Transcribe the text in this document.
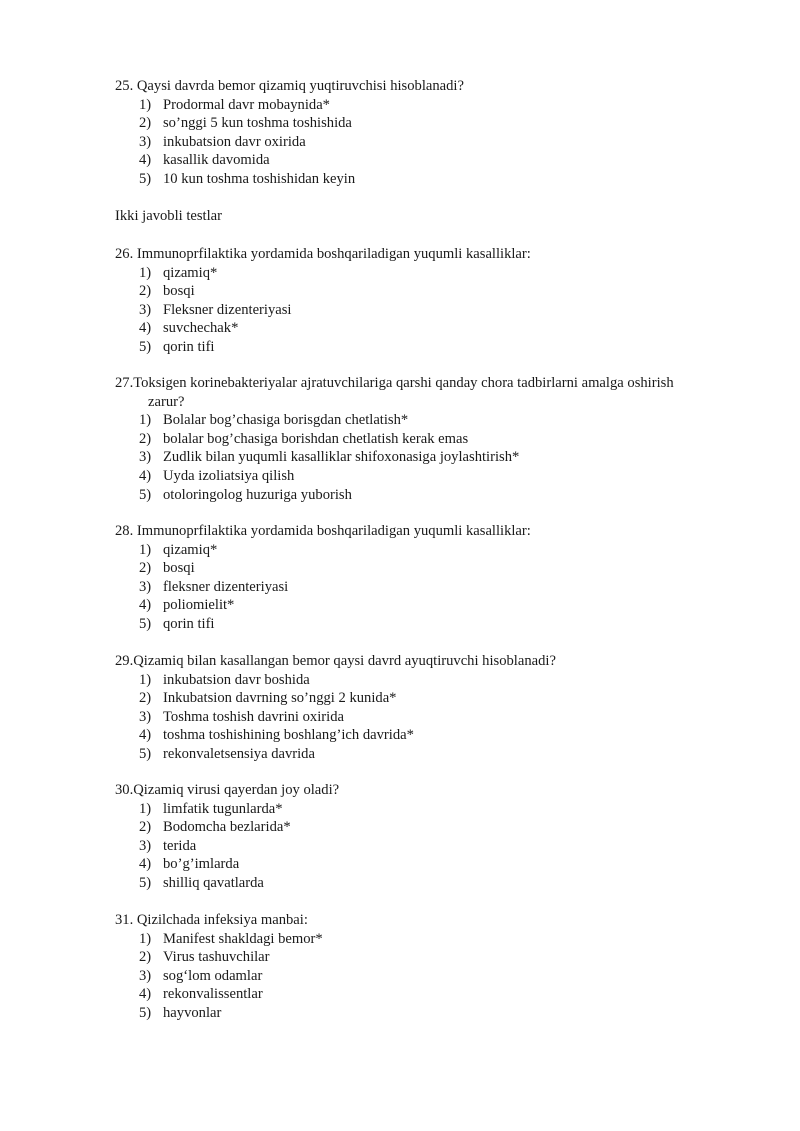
25. Qaysi davrda bemor qizamiq yuqtiruvchisi hisoblanadi?

1) Prodormal davr mobaynida*
2) so’nggi 5 kun toshma toshishida
3) inkubatsion davr oxirida
4) kasallik davomida
5) 10 kun toshma toshishidan keyin
Ikki javobli testlar

26. Immunoprfilaktika yordamida boshqariladigan yuqumli kasalliklar:

1) qizamiq*
2) bosqi
3) Fleksner dizenteriyasi
4) suvchechak*
5) qorin tifi

27.Toksigen korinebakteriyalar ajratuvchilariga qarshi qanday chora tadbirlarni amalga oshirish
zarur?

1) Bolalar bog’chasiga borisgdan chetlatish*
2) bolalar bog’chasiga borishdan chetlatish kerak emas
3) Zudlik bilan yuqumli kasalliklar shifoxonasiga joylashtirish*
4) Uyda izoliatsiya qilish
5) otoloringolog huzuriga yuborish

28. Immunoprfilaktika yordamida boshqariladigan yuqumli kasalliklar:

1) qizamiq*
2) bosqi
3) fleksner dizenteriyasi
4) poliomielit*
5) qorin tifi

29.Qizamiq bilan kasallangan bemor qaysi davrd ayuqtiruvchi hisoblanadi?

1) inkubatsion davr boshida
2) Inkubatsion davrning so’nggi 2 kunida*
3) Toshma toshish davrini oxirida
4) toshma toshishining boshlang’ich davrida*
5) rekonvaletsensiya davrida

30.Qizamiq virusi qayerdan joy oladi?

1) limfatik tugunlarda*
2) Bodomcha bezlarida*
3) terida
4) bo’g’imlarda
5) shilliq qavatlarda

31. Qizilchada infeksiya manbai:

1) Manifest shakldagi bemor*
2) Virus tashuvchilar
3) sog‘lom odamlar
4) rekonvalissentlar
5) hayvonlar
